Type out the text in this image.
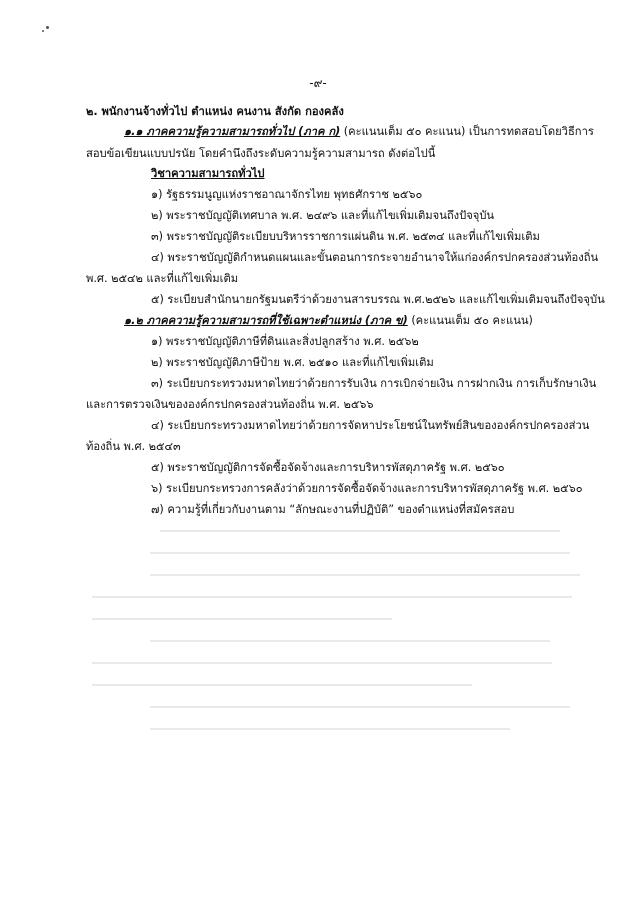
-๙-
๒. พนักงานจ้างทั่วไป ตำแหน่ง คนงาน สังกัด กองคลัง
๑.๑ ภาคความรู้ความสามารถทั่วไป (ภาค ก) (คะแนนเต็ม ๕๐ คะแนน) เป็นการทดสอบโดยวิธีการ
สอบข้อเขียนแบบปรนัย โดยคำนึงถึงระดับความรู้ความสามารถ ดังต่อไปนี้
วิชาความสามารถทั่วไป
๑) รัฐธรรมนูญแห่งราชอาณาจักรไทย พุทธศักราช ๒๕๖๐
๒) พระราชบัญญัติเทศบาล พ.ศ. ๒๔๙๖ และที่แก้ไขเพิ่มเติมจนถึงปัจจุบัน
๓) พระราชบัญญัติระเบียบบริหารราชการแผ่นดิน พ.ศ. ๒๕๓๔ และที่แก้ไขเพิ่มเติม
๔) พระราชบัญญัติกำหนดแผนและขั้นตอนการกระจายอำนาจให้แก่องค์กรปกครองส่วนท้องถิ่น
พ.ศ. ๒๕๔๒ และที่แก้ไขเพิ่มเติม
๕) ระเบียบสำนักนายกรัฐมนตรีว่าด้วยงานสารบรรณ พ.ศ.๒๕๒๖ และแก้ไขเพิ่มเติมจนถึงปัจจุบัน
๑.๒ ภาคความรู้ความสามารถที่ใช้เฉพาะตำแหน่ง (ภาค ข) (คะแนนเต็ม ๕๐ คะแนน)
๑) พระราชบัญญัติภาษีที่ดินและสิ่งปลูกสร้าง พ.ศ. ๒๕๖๒
๒) พระราชบัญญัติภาษีป้าย พ.ศ. ๒๕๑๐ และที่แก้ไขเพิ่มเติม
๓) ระเบียบกระทรวงมหาดไทยว่าด้วยการรับเงิน การเบิกจ่ายเงิน การฝากเงิน การเก็บรักษาเงิน
และการตรวจเงินขององค์กรปกครองส่วนท้องถิ่น พ.ศ. ๒๕๖๖
๔) ระเบียบกระทรวงมหาดไทยว่าด้วยการจัดหาประโยชน์ในทรัพย์สินขององค์กรปกครองส่วน
ท้องถิ่น พ.ศ. ๒๕๔๓
๕) พระราชบัญญัติการจัดซื้อจัดจ้างและการบริหารพัสดุภาครัฐ พ.ศ. ๒๕๖๐
๖) ระเบียบกระทรวงการคลังว่าด้วยการจัดซื้อจัดจ้างและการบริหารพัสดุภาครัฐ พ.ศ. ๒๕๖๐
๗) ความรู้ที่เกี่ยวกับงานตาม “ลักษณะงานที่ปฏิบัติ” ของตำแหน่งที่สมัครสอบ
